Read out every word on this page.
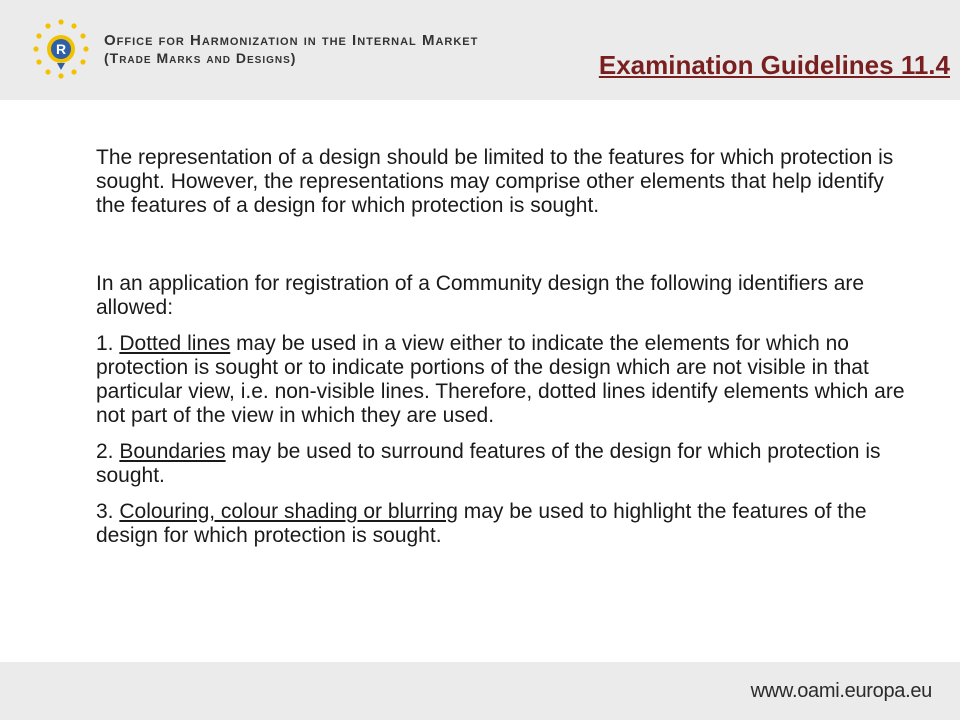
R	Office for Harmonization in the Internal Market
(Trade Marks and Designs)	Examination Guidelines 11.4

The representation of a design should be limited to the features for which protection is sought. However, the representations may comprise other elements that help identify the features of a design for which protection is sought.

In an application for registration of a Community design the following identifiers are allowed:

1. Dotted lines may be used in a view either to indicate the elements for which no protection is sought or to indicate portions of the design which are not visible in that particular view, i.e. non-visible lines. Therefore, dotted lines identify elements which are not part of the view in which they are used.

2. Boundaries may be used to surround features of the design for which protection is sought.

3. Colouring, colour shading or blurring may be used to highlight the features of the design for which protection is sought.

www.oami.europa.eu
